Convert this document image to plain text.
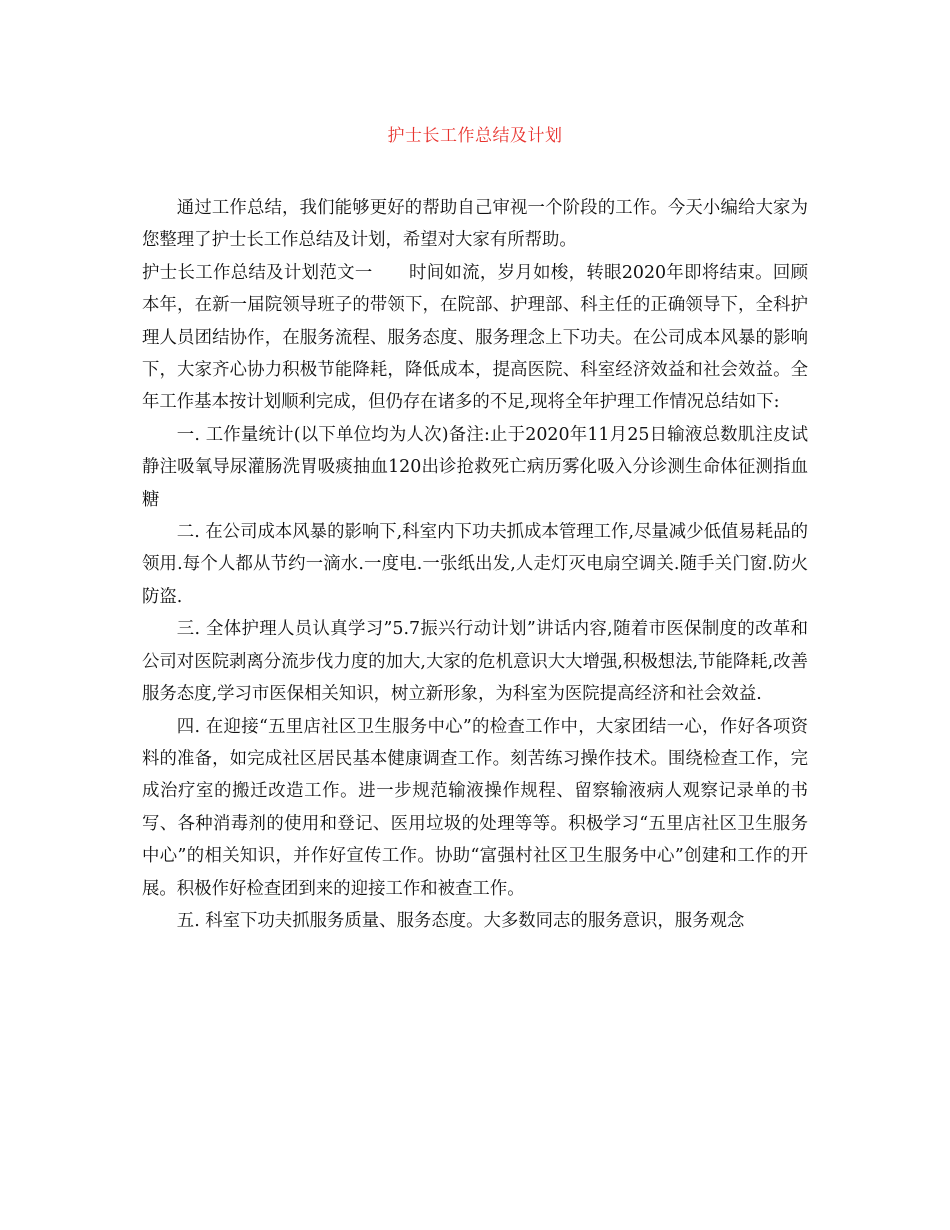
护士长工作总结及计划

通过工作总结，我们能够更好的帮助自己审视一个阶段的工作。今天小编给大家为您整理了护士长工作总结及计划，希望对大家有所帮助。

护士长工作总结及计划范文一 时间如流，岁月如梭，转眼2020年即将结束。回顾本年，在新一届院领导班子的带领下，在院部、护理部、科主任的正确领导下，全科护理人员团结协作，在服务流程、服务态度、服务理念上下功夫。在公司成本风暴的影响下，大家齐心协力积极节能降耗，降低成本，提高医院、科室经济效益和社会效益。全年工作基本按计划顺利完成，但仍存在诸多的不足,现将全年护理工作情况总结如下:

一. 工作量统计(以下单位均为人次)备注:止于2020年11月25日输液总数肌注皮试静注吸氧导尿灌肠洗胃吸痰抽血120出诊抢救死亡病历雾化吸入分诊测生命体征测指血糖

二. 在公司成本风暴的影响下,科室内下功夫抓成本管理工作,尽量减少低值易耗品的领用.每个人都从节约一滴水.一度电.一张纸出发,人走灯灭电扇空调关.随手关门窗.防火防盗.

三. 全体护理人员认真学习”5.7振兴行动计划”讲话内容,随着市医保制度的改革和公司对医院剥离分流步伐力度的加大,大家的危机意识大大增强,积极想法,节能降耗,改善服务态度,学习市医保相关知识，树立新形象，为科室为医院提高经济和社会效益.

四. 在迎接“五里店社区卫生服务中心”的检查工作中，大家团结一心，作好各项资料的准备，如完成社区居民基本健康调查工作。刻苦练习操作技术。围绕检查工作，完成治疗室的搬迁改造工作。进一步规范输液操作规程、留察输液病人观察记录单的书写、各种消毒剂的使用和登记、医用垃圾的处理等等。积极学习“五里店社区卫生服务中心”的相关知识，并作好宣传工作。协助“富强村社区卫生服务中心”创建和工作的开展。积极作好检查团到来的迎接工作和被查工作。

五. 科室下功夫抓服务质量、服务态度。大多数同志的服务意识，服务观念
